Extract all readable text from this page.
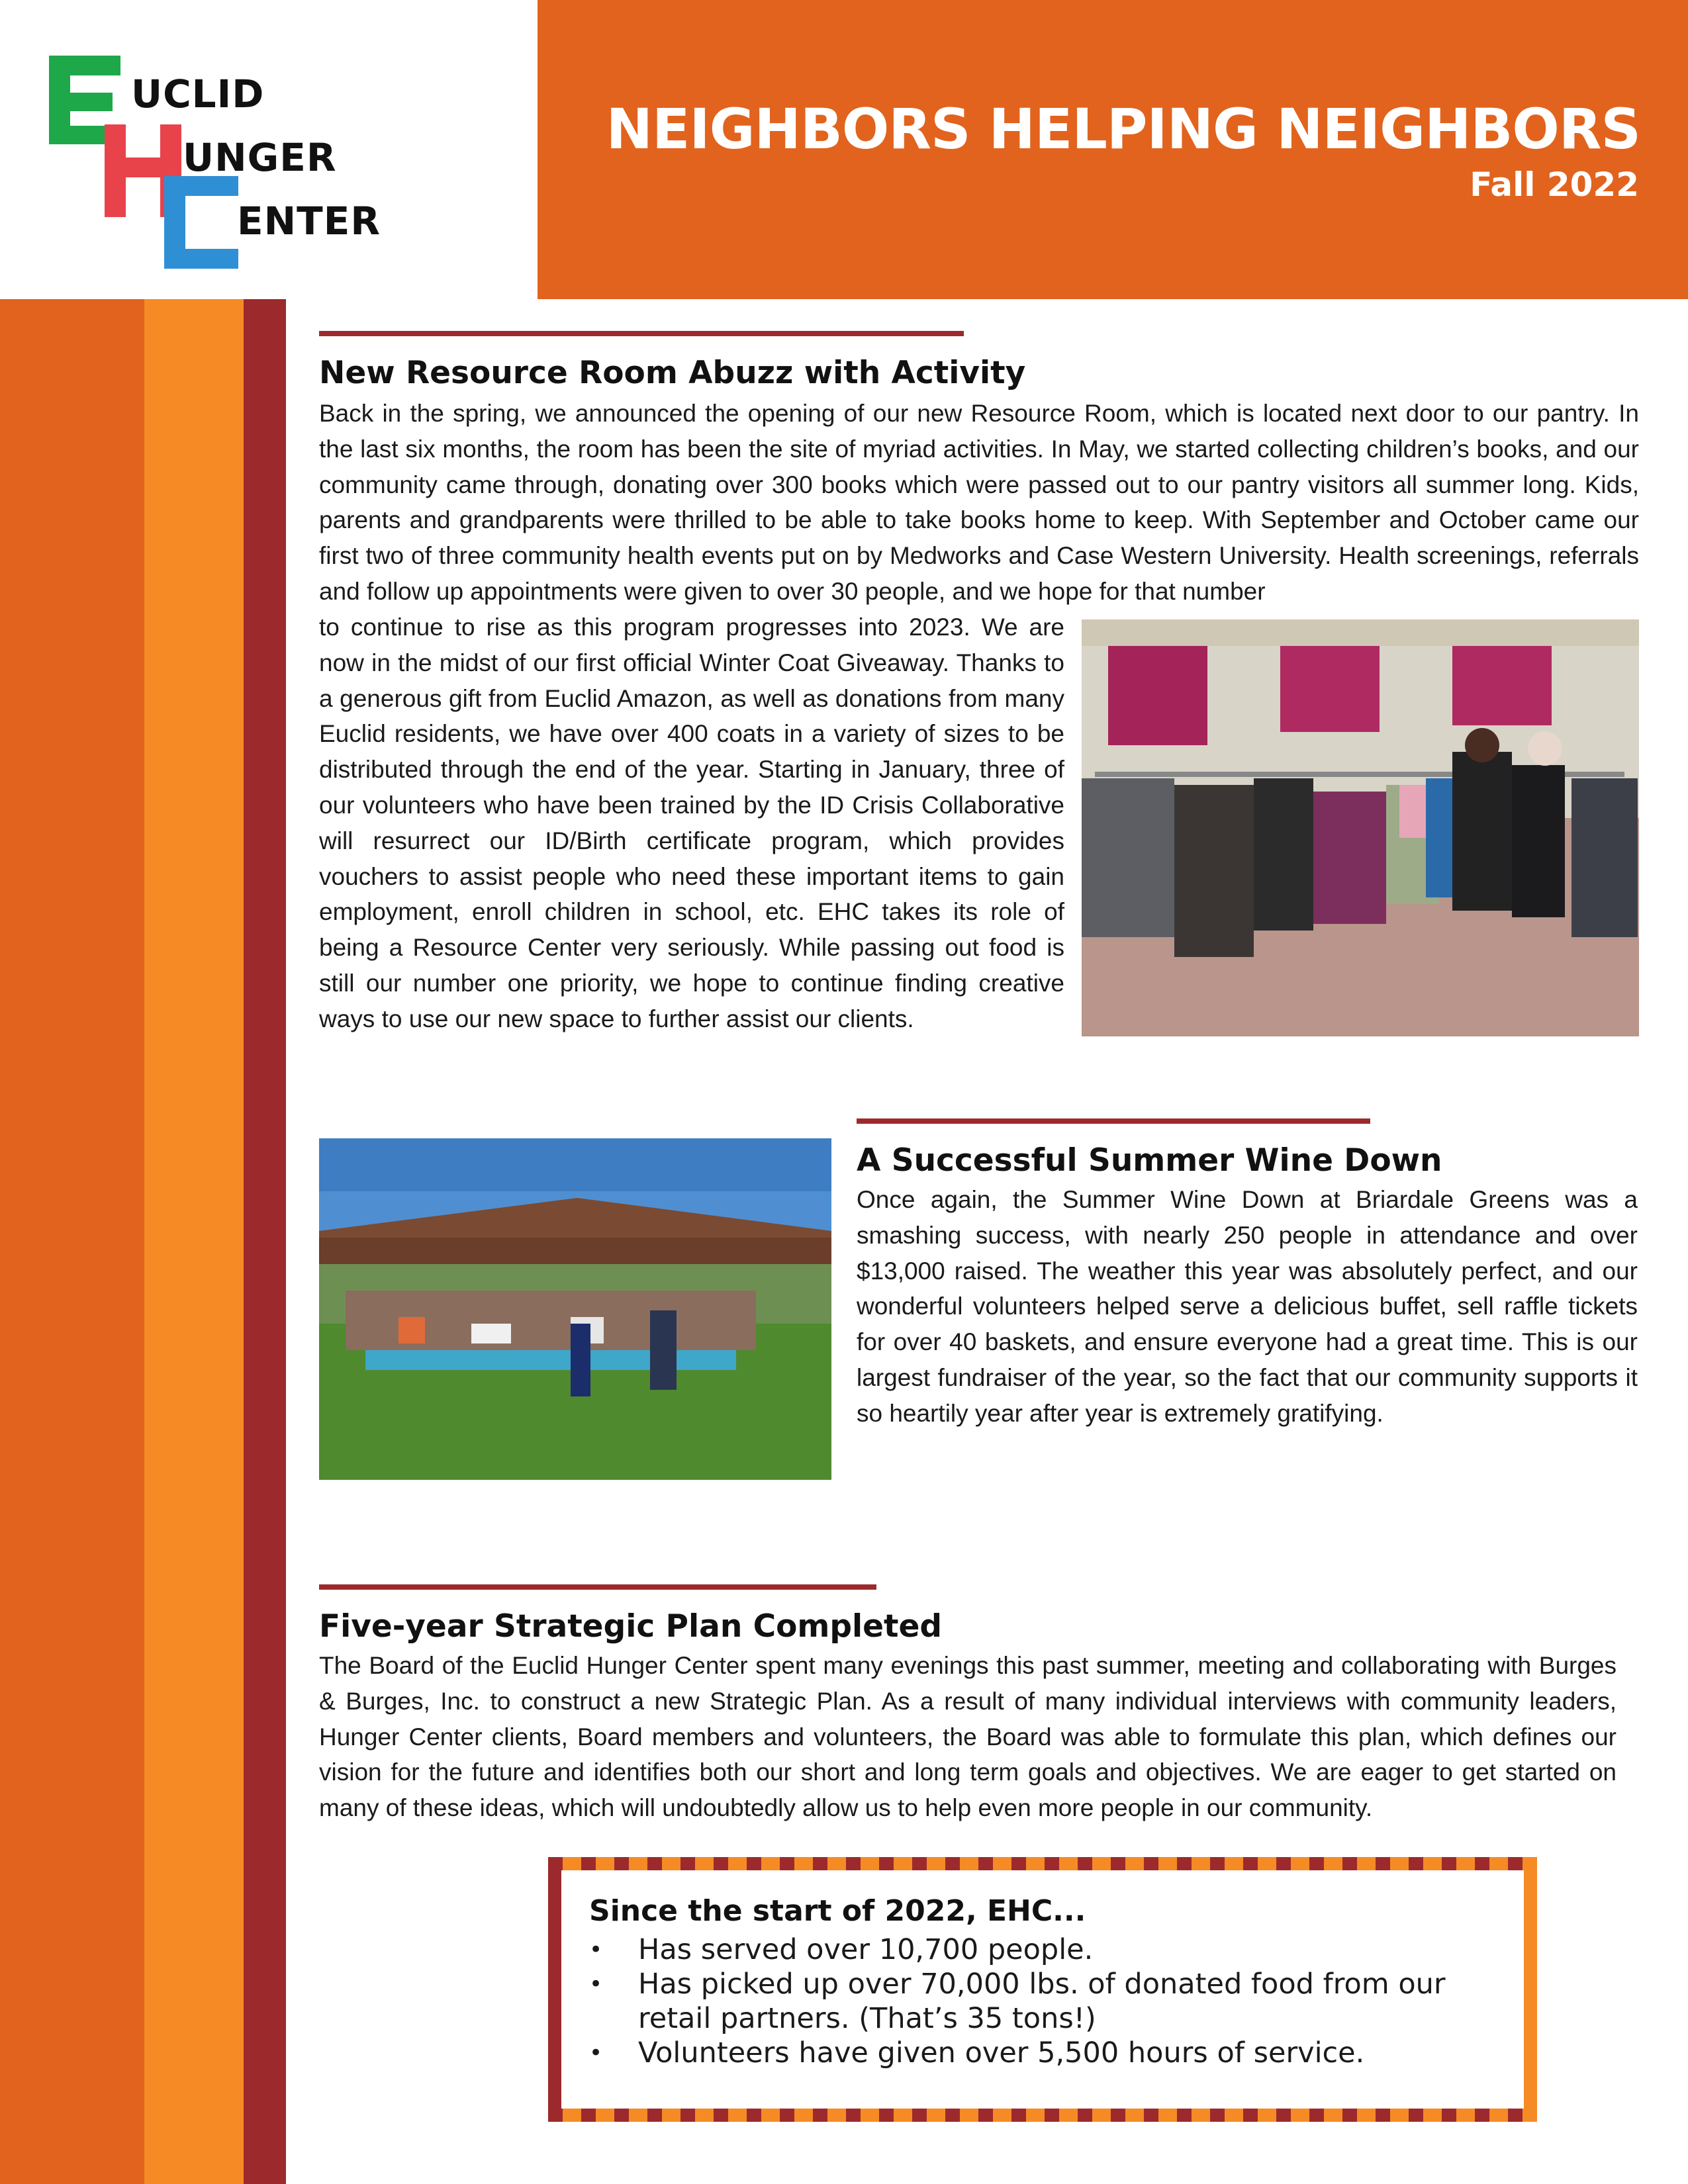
NEIGHBORS HELPING NEIGHBORS
Fall 2022
UCLID
UNGER
ENTER
New Resource Room Abuzz with Activity

Back in the spring, we announced the opening of our new Resource Room, which is located next door to our pantry. In the last six months, the room has been the site of myriad activities. In May, we started collecting children’s books, and our community came through, donating over 300 books which were passed out to our pantry visitors all summer long. Kids, parents and grandparents were thrilled to be able to take books home to keep. With September and October came our first two of three community health events put on by Medworks and Case Western University. Health screenings, referrals and follow up appointments were given to over 30 people, and we hope for that number

to continue to rise as this program progresses into 2023. We are now in the midst of our first official Winter Coat Giveaway. Thanks to a generous gift from Euclid Amazon, as well as donations from many Euclid residents, we have over 400 coats in a variety of sizes to be distributed through the end of the year. Starting in January, three of our volunteers who have been trained by the ID Crisis Collaborative will resurrect our ID/Birth certificate program, which provides vouchers to assist people who need these important items to gain employment, enroll children in school, etc. EHC takes its role of being a Resource Center very seriously. While passing out food is still our number one priority, we hope to continue finding creative ways to use our new space to further assist our clients.

A Successful Summer Wine Down

Once again, the Summer Wine Down at Briardale Greens was a smashing success, with nearly 250 people in attendance and over $13,000 raised. The weather this year was absolutely perfect, and our wonderful volunteers helped serve a delicious buffet, sell raffle tickets for over 40 baskets, and ensure everyone had a great time. This is our largest fundraiser of the year, so the fact that our community supports it so heartily year after year is extremely gratifying.

Five-year Strategic Plan Completed

The Board of the Euclid Hunger Center spent many evenings this past summer, meeting and collaborating with Burges & Burges, Inc. to construct a new Strategic Plan. As a result of many individual interviews with community leaders, Hunger Center clients, Board members and volunteers, the Board was able to formulate this plan, which defines our vision for the future and identifies both our short and long term goals and objectives. We are eager to get started on many of these ideas, which will undoubtedly allow us to help even more people in our community.

Since the start of 2022, EHC...
• Has served over 10,700 people.
• Has picked up over 70,000 lbs. of donated food from our retail partners. (That’s 35 tons!)
• Volunteers have given over 5,500 hours of service.
